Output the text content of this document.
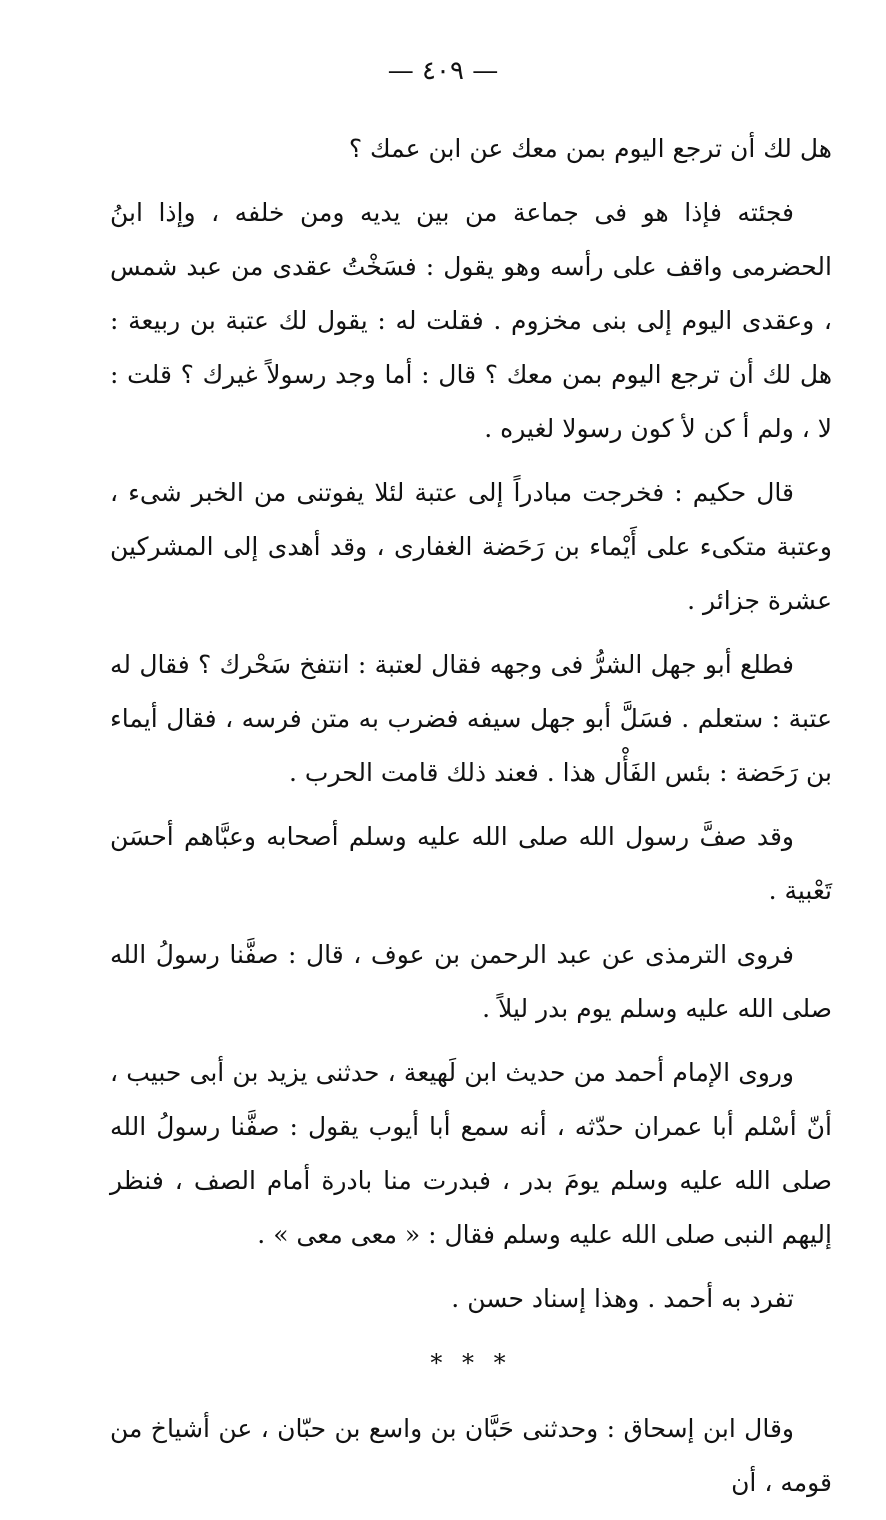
— ٤٠٩ —

هل لك أن ترجع اليوم بمن معك عن ابن عمك ؟

فجئته فإذا هو فى جماعة من بين يديه ومن خلفه ، وإذا ابنُ الحضرمى واقف على رأسه وهو يقول : فسَخْتُ عقدى من عبد شمس ، وعقدى اليوم إلى بنى مخزوم . فقلت له : يقول لك عتبة بن ربيعة : هل لك أن ترجع اليوم بمن معك ؟ قال : أما وجد رسولاً غيرك ؟ قلت : لا ، ولم أ كن لأ كون رسولا لغيره .

قال حكيم : فخرجت مبادراً إلى عتبة لئلا يفوتنى من الخبر شىء ، وعتبة متكىء على أَيْماء بن رَحَضة الغفارى ، وقد أهدى إلى المشركين عشرة جزائر .

فطلع أبو جهل الشرُّ فى وجهه فقال لعتبة : انتفخ سَحْرك ؟ فقال له عتبة : ستعلم . فسَلَّ أبو جهل سيفه فضرب به متن فرسه ، فقال أيماء بن رَحَضة : بئس الفَأْل هذا . فعند ذلك قامت الحرب .

وقد صفَّ رسول الله صلى الله عليه وسلم أصحابه وعبَّاهم أحسَن تَعْبية .

فروى الترمذى عن عبد الرحمن بن عوف ، قال : صفَّنا رسولُ الله صلى الله عليه وسلم يوم بدر ليلاً .

وروى الإمام أحمد من حديث ابن لَهيعة ، حدثنى يزيد بن أبى حبيب ، أنّ أسْلم أبا عمران حدّثه ، أنه سمع أبا أيوب يقول : صفَّنا رسولُ الله صلى الله عليه وسلم يومَ بدر ، فبدرت منا بادرة أمام الصف ، فنظر إليهم النبى صلى الله عليه وسلم فقال : « معى معى » .

تفرد به أحمد . وهذا إسناد حسن .

* * *

وقال ابن إسحاق : وحدثنى حَبَّان بن واسع بن حبّان ، عن أشياخ من قومه ، أن
